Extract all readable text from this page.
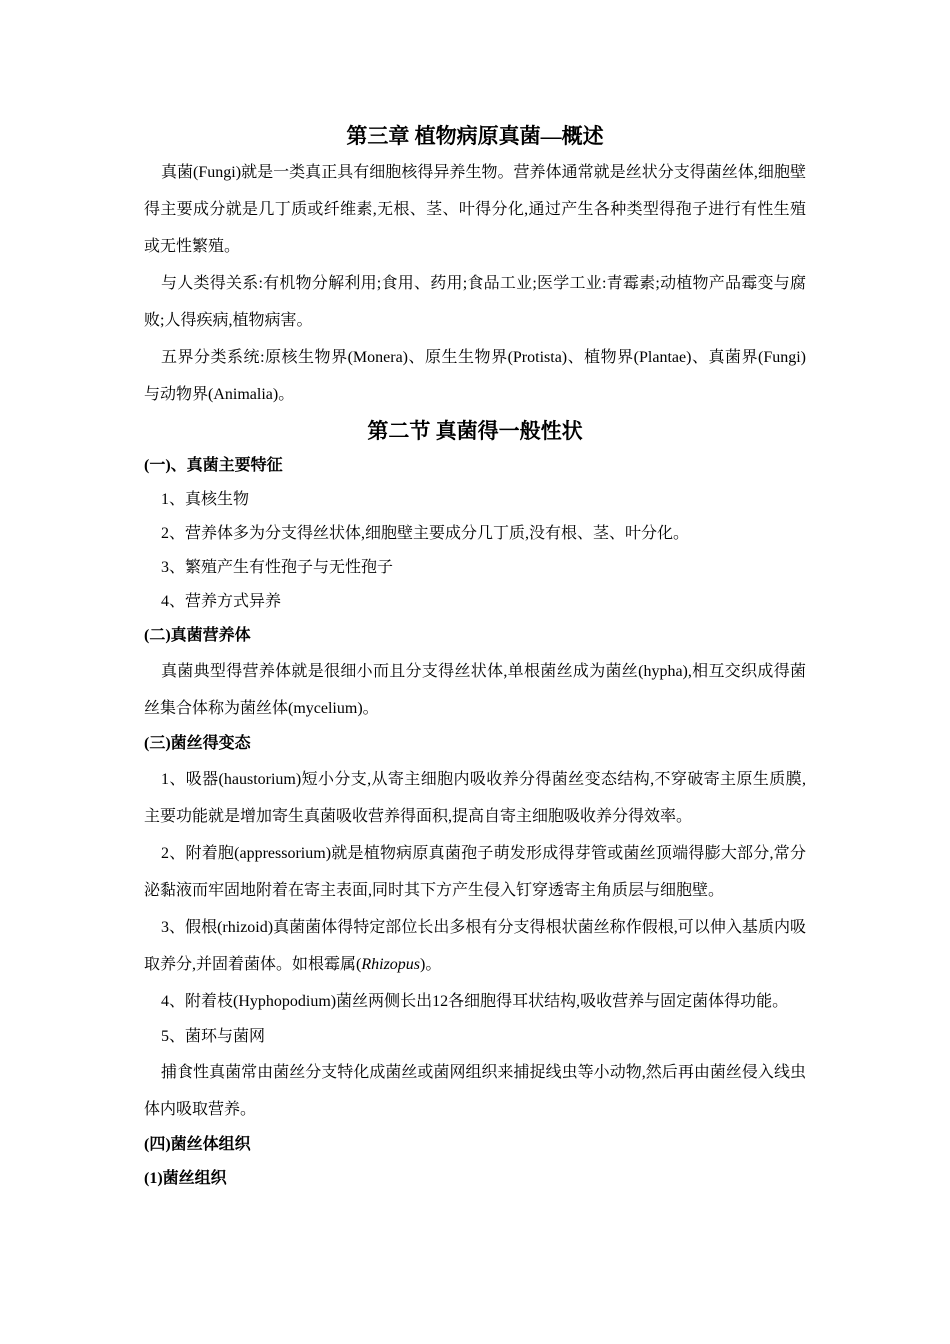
第三章 植物病原真菌—概述

真菌(Fungi)就是一类真正具有细胞核得异养生物。营养体通常就是丝状分支得菌丝体,细胞壁得主要成分就是几丁质或纤维素,无根、茎、叶得分化,通过产生各种类型得孢子进行有性生殖或无性繁殖。

与人类得关系:有机物分解利用;食用、药用;食品工业;医学工业:青霉素;动植物产品霉变与腐败;人得疾病,植物病害。

五界分类系统:原核生物界(Monera)、原生生物界(Protista)、植物界(Plantae)、真菌界(Fungi)与动物界(Animalia)。

第二节 真菌得一般性状

(一)、真菌主要特征

1、真核生物

2、营养体多为分支得丝状体,细胞壁主要成分几丁质,没有根、茎、叶分化。

3、繁殖产生有性孢子与无性孢子

4、营养方式异养

(二)真菌营养体

真菌典型得营养体就是很细小而且分支得丝状体,单根菌丝成为菌丝(hypha),相互交织成得菌丝集合体称为菌丝体(mycelium)。

(三)菌丝得变态

1、吸器(haustorium)短小分支,从寄主细胞内吸收养分得菌丝变态结构,不穿破寄主原生质膜,主要功能就是增加寄生真菌吸收营养得面积,提高自寄主细胞吸收养分得效率。

2、附着胞(appressorium)就是植物病原真菌孢子萌发形成得芽管或菌丝顶端得膨大部分,常分泌黏液而牢固地附着在寄主表面,同时其下方产生侵入钉穿透寄主角质层与细胞壁。

3、假根(rhizoid)真菌菌体得特定部位长出多根有分支得根状菌丝称作假根,可以伸入基质内吸取养分,并固着菌体。如根霉属(Rhizopus)。

4、附着枝(Hyphopodium)菌丝两侧长出12各细胞得耳状结构,吸收营养与固定菌体得功能。

5、菌环与菌网

捕食性真菌常由菌丝分支特化成菌丝或菌网组织来捕捉线虫等小动物,然后再由菌丝侵入线虫体内吸取营养。

(四)菌丝体组织

(1)菌丝组织
